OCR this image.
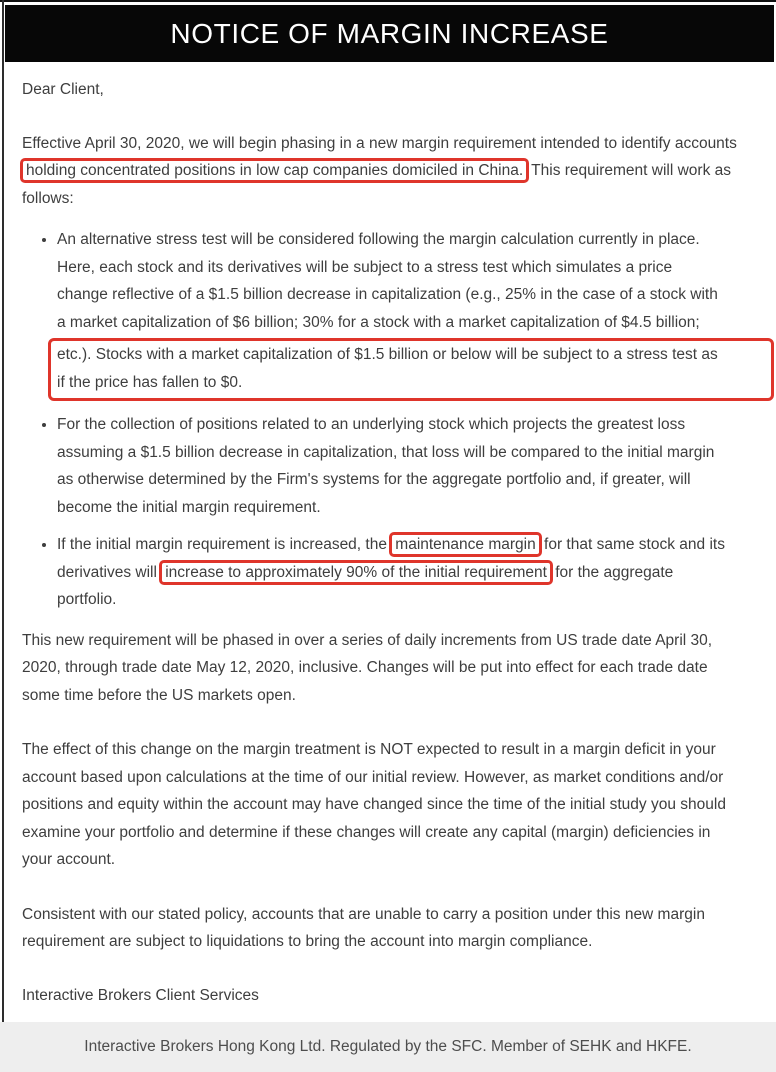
NOTICE OF MARGIN INCREASE
Dear Client,
Effective April 30, 2020, we will begin phasing in a new margin requirement intended to identify accounts
holding concentrated positions in low cap companies domiciled in China. This requirement will work as
follows:
• An alternative stress test will be considered following the margin calculation currently in place.
Here, each stock and its derivatives will be subject to a stress test which simulates a price
change reflective of a $1.5 billion decrease in capitalization (e.g., 25% in the case of a stock with
a market capitalization of $6 billion; 30% for a stock with a market capitalization of $4.5 billion;
etc.). Stocks with a market capitalization of $1.5 billion or below will be subject to a stress test as
if the price has fallen to $0.
• For the collection of positions related to an underlying stock which projects the greatest loss
assuming a $1.5 billion decrease in capitalization, that loss will be compared to the initial margin
as otherwise determined by the Firm's systems for the aggregate portfolio and, if greater, will
become the initial margin requirement.
• If the initial margin requirement is increased, the maintenance margin for that same stock and its
derivatives will increase to approximately 90% of the initial requirement for the aggregate
portfolio.
This new requirement will be phased in over a series of daily increments from US trade date April 30,
2020, through trade date May 12, 2020, inclusive. Changes will be put into effect for each trade date
some time before the US markets open.
The effect of this change on the margin treatment is NOT expected to result in a margin deficit in your
account based upon calculations at the time of our initial review. However, as market conditions and/or
positions and equity within the account may have changed since the time of the initial study you should
examine your portfolio and determine if these changes will create any capital (margin) deficiencies in
your account.
Consistent with our stated policy, accounts that are unable to carry a position under this new margin
requirement are subject to liquidations to bring the account into margin compliance.
Interactive Brokers Client Services
Interactive Brokers Hong Kong Ltd. Regulated by the SFC. Member of SEHK and HKFE.
